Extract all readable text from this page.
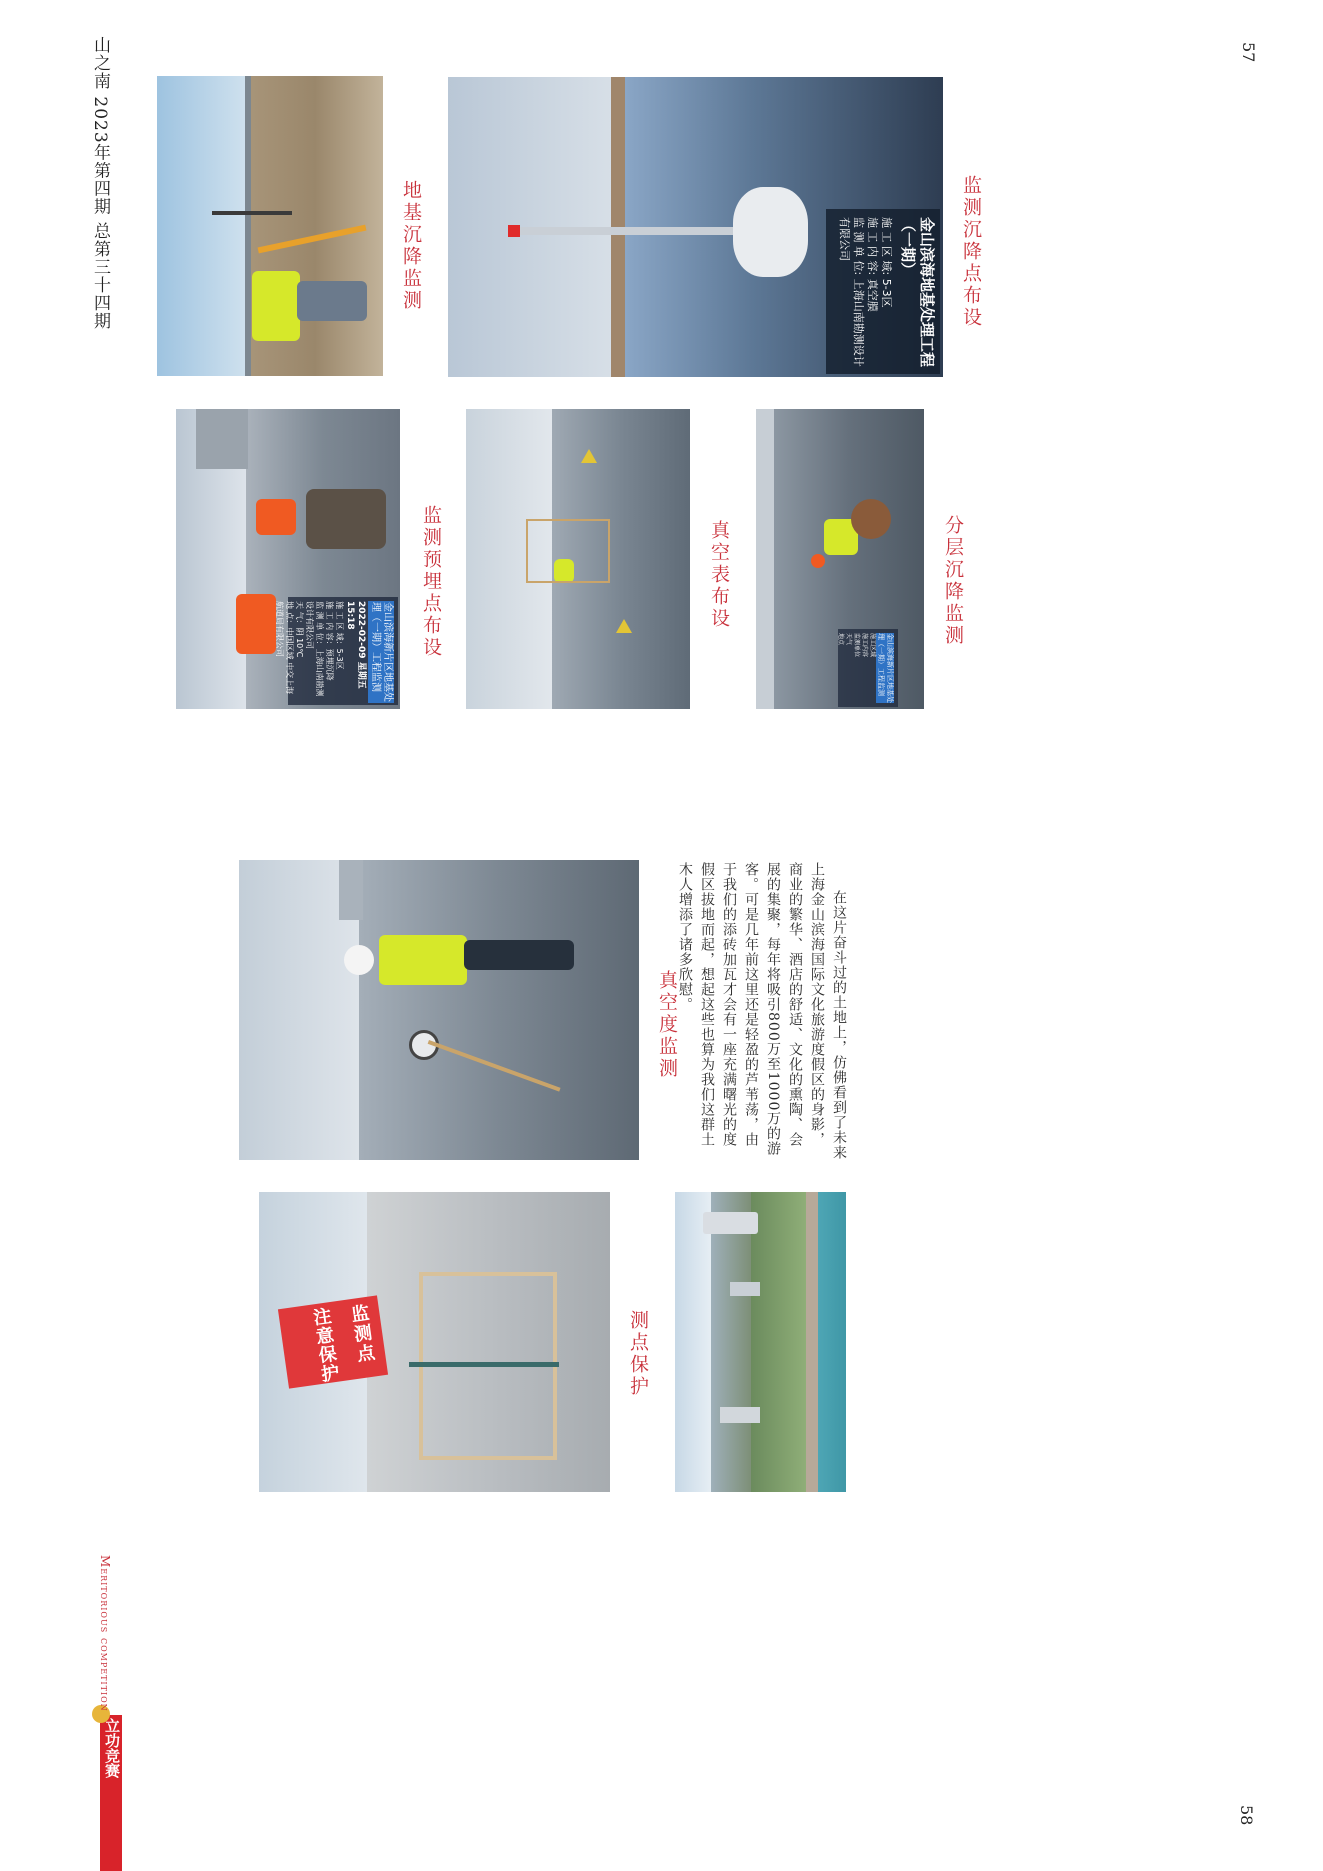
山之南 2023年第四期 总第三十四期	57
58
立功竞赛
Meritorious competition
地基沉降监测	金山滨海地基处理工程（一期）
施 工 区 域: 5-3区
施 工 内 容: 真空膜
监 测 单 位: 上海山南勘测设计有限公司	监测沉降点布设
金山滨海新片区地基处理（一期）工程监测
2022-02-09 星期五 15:18
施 工 区 域：5-3区
施 工 内 容：预埋沉降
监 测 单 位：上海山南勘测设计有限公司
天 气：阴 10℃
地 点：中国区域 中交上海航道局有限公司	监测预埋点布设	真空表布设
金山滨海新片区地基处理（一期）工程监测
施工区域
施工内容
监测单位
天气
地点	分层沉降监测
真空度监测	在这片奋斗过的土地上，仿佛看到了未来上海金山滨海国际文化旅游度假区的身影，商业的繁华、酒店的舒适、文化的熏陶、会展的集聚，每年将吸引800万至1000万的游客。可是几年前这里还是轻盈的芦苇荡，由于我们的添砖加瓦才会有一座充满曙光的度假区拔地而起，想起这些也算为我们这群土木人增添了诸多欣慰。
监测点
注意保护	测点保护
